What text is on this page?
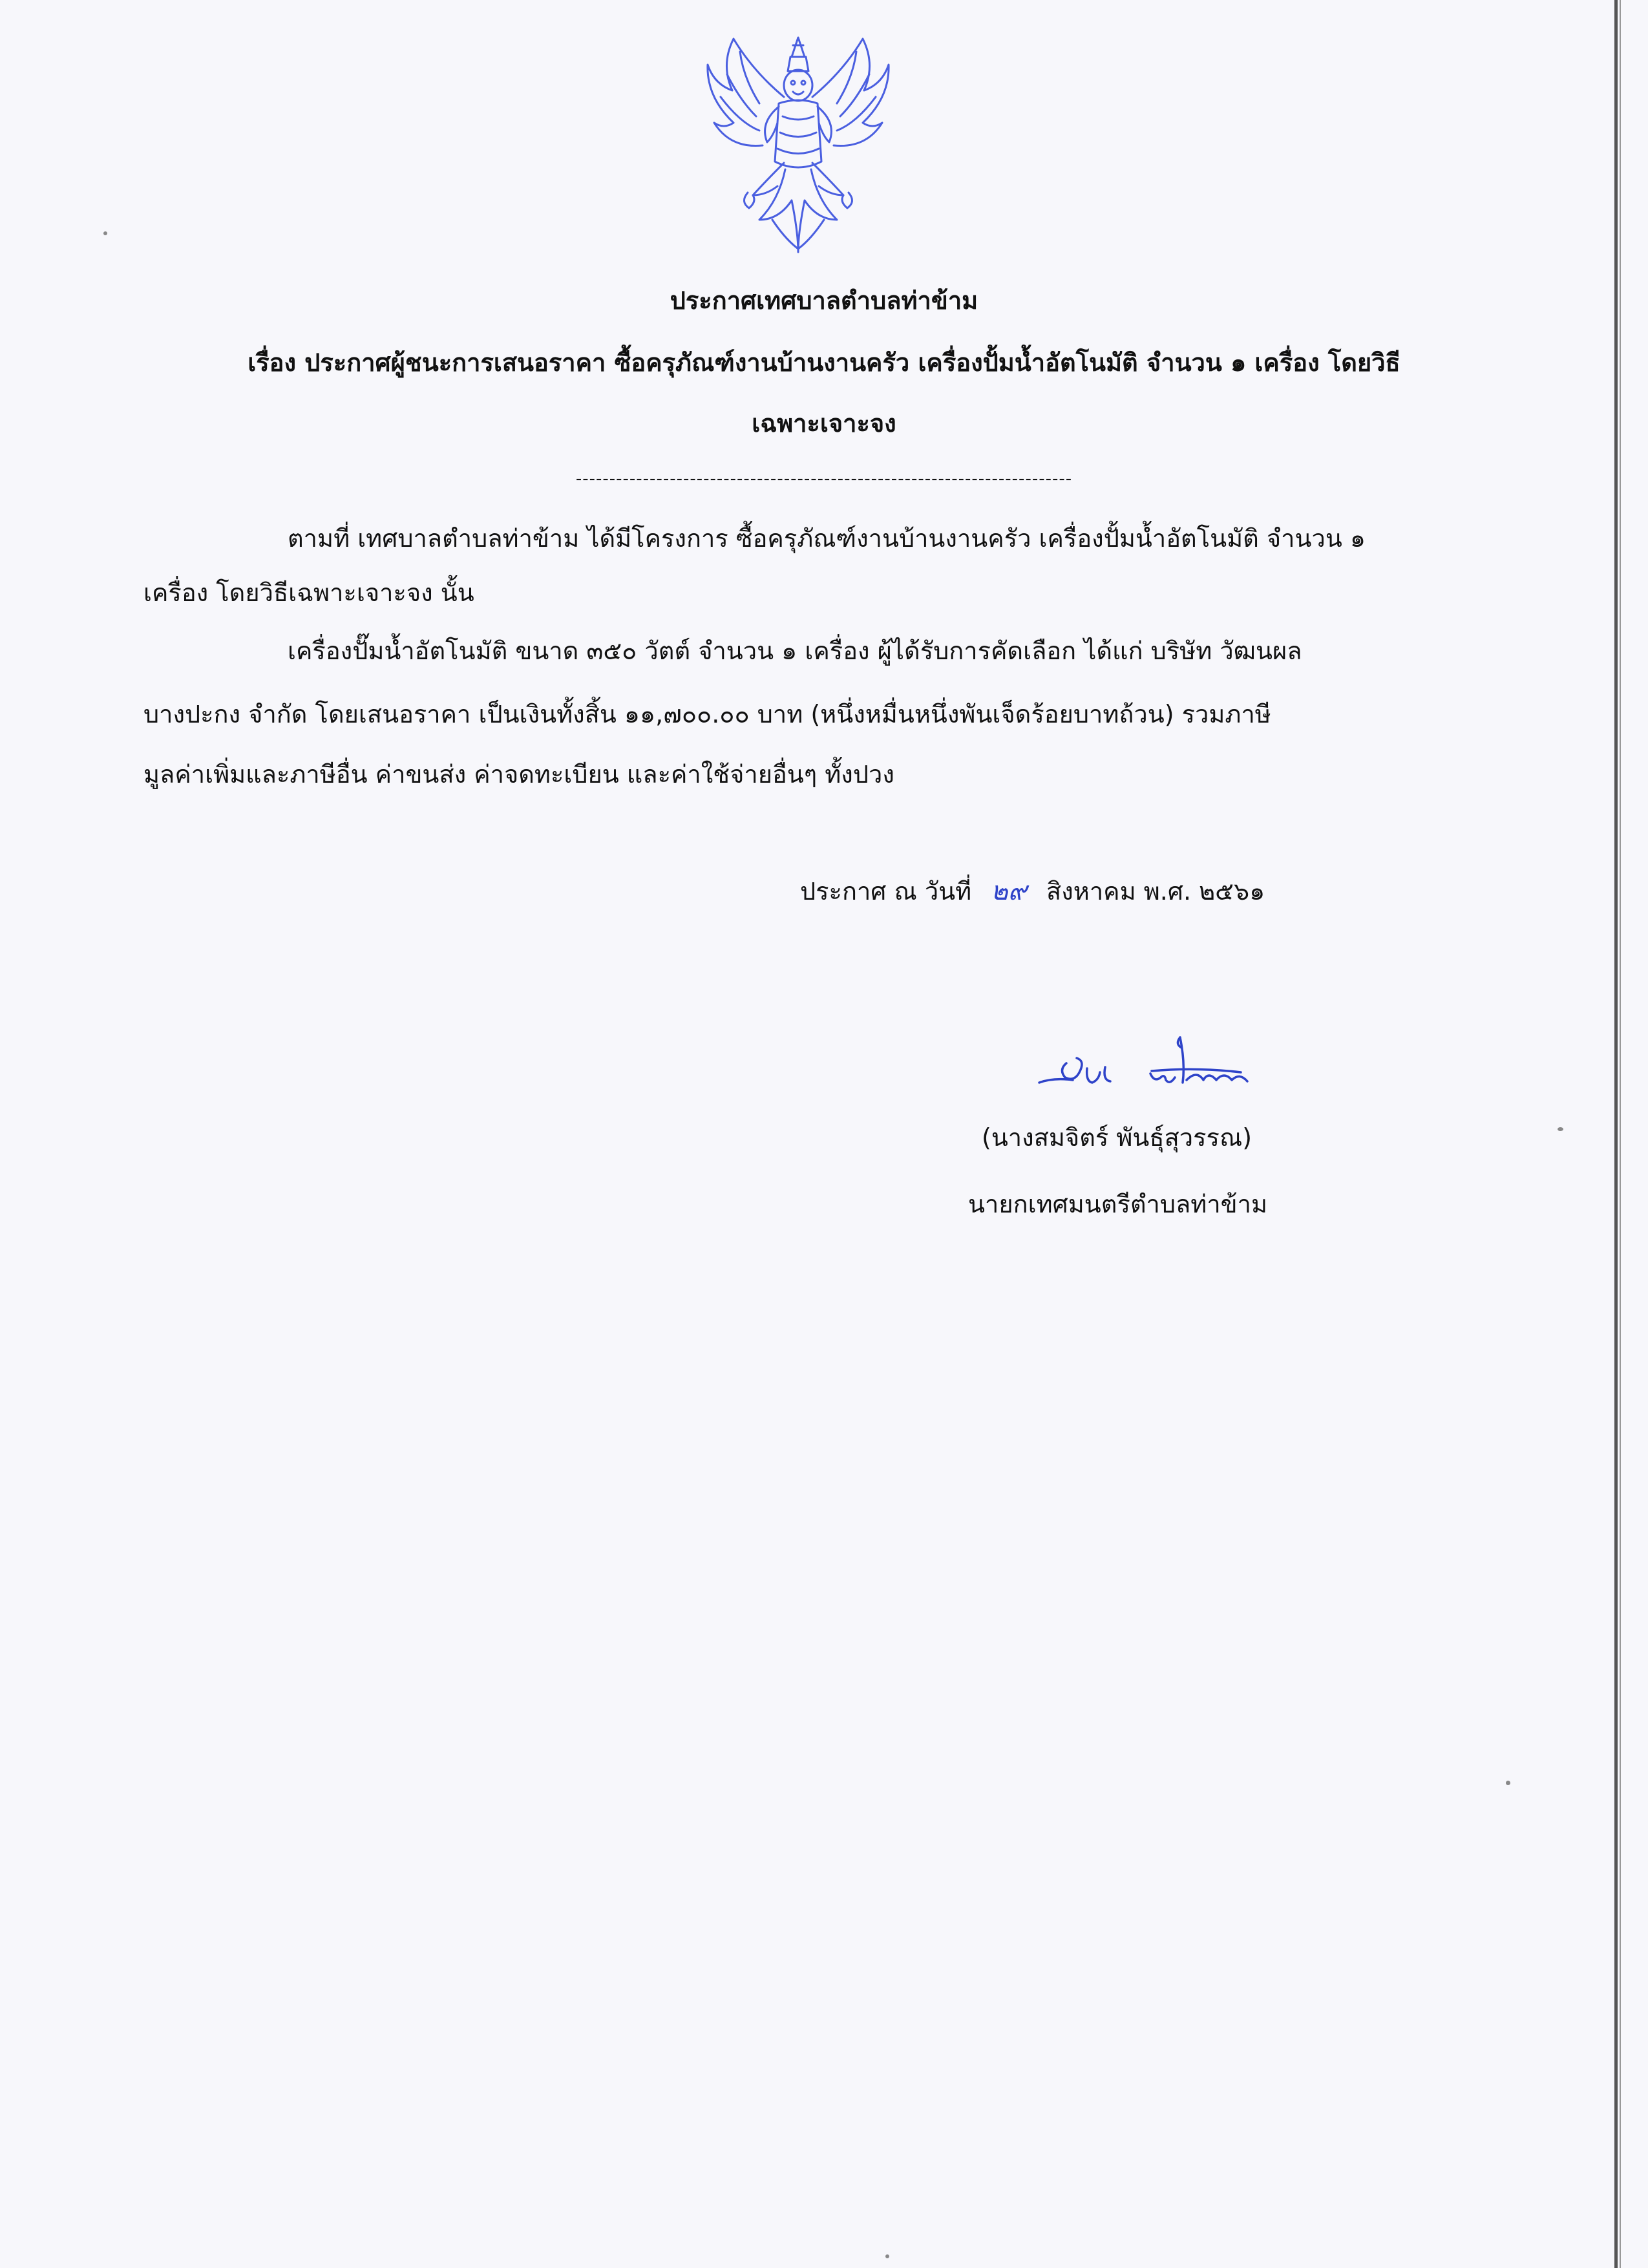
ประกาศเทศบาลตำบลท่าข้าม
เรื่อง ประกาศผู้ชนะการเสนอราคา ซื้อครุภัณฑ์งานบ้านงานครัว เครื่องปั้มน้ำอัตโนมัติ จำนวน ๑ เครื่อง โดยวิธี
เฉพาะเจาะจง
--------------------------------------------------------------------------
ตามที่ เทศบาลตำบลท่าข้าม ได้มีโครงการ ซื้อครุภัณฑ์งานบ้านงานครัว เครื่องปั้มน้ำอัตโนมัติ จำนวน ๑
เครื่อง โดยวิธีเฉพาะเจาะจง นั้น
เครื่องปั๊มน้ำอัตโนมัติ ขนาด ๓๕๐ วัตต์ จำนวน ๑ เครื่อง ผู้ได้รับการคัดเลือก ได้แก่ บริษัท วัฒนผล
บางปะกง จำกัด โดยเสนอราคา เป็นเงินทั้งสิ้น ๑๑,๗๐๐.๐๐ บาท (หนึ่งหมื่นหนึ่งพันเจ็ดร้อยบาทถ้วน) รวมภาษี
มูลค่าเพิ่มและภาษีอื่น ค่าขนส่ง ค่าจดทะเบียน และค่าใช้จ่ายอื่นๆ ทั้งปวง
ประกาศ ณ วันที่ ๒๙ สิงหาคม พ.ศ. ๒๕๖๑
(นางสมจิตร์ พันธุ์สุวรรณ)
นายกเทศมนตรีตำบลท่าข้าม
